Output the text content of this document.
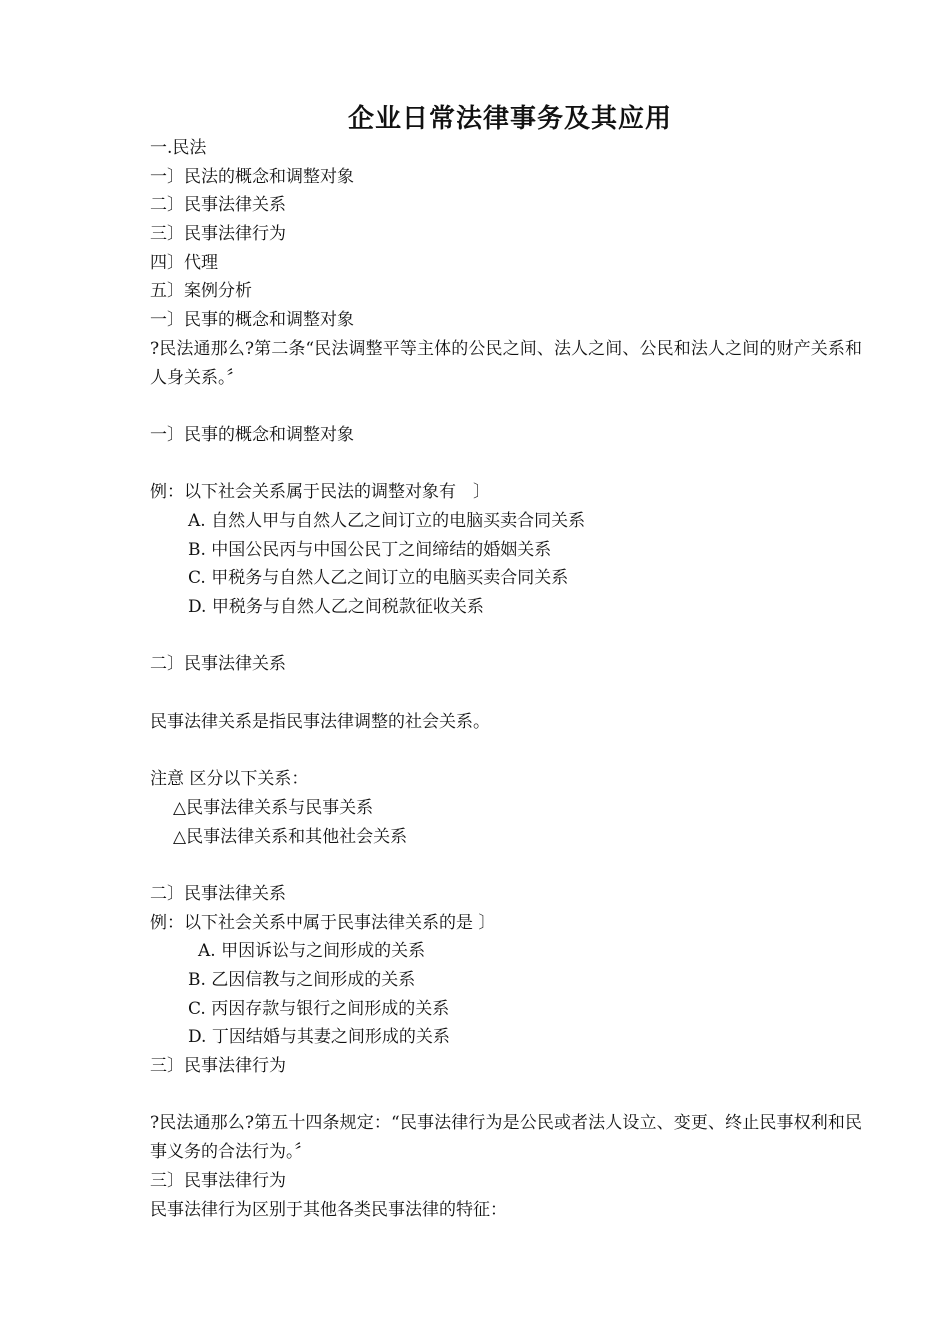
企业日常法律事务及其应用
一.民法
一〕民法的概念和调整对象
二〕民事法律关系
三〕民事法律行为
四〕代理
五〕案例分析
一〕民事的概念和调整对象
?民法通那么?第二条“民法调整平等主体的公民之间、法人之间、公民和法人之间的财产关系和人身关系。〞
一〕民事的概念和调整对象
例：以下社会关系属于民法的调整对象有　〕
A. 自然人甲与自然人乙之间订立的电脑买卖合同关系
B. 中国公民丙与中国公民丁之间缔结的婚姻关系
C. 甲税务与自然人乙之间订立的电脑买卖合同关系
D. 甲税务与自然人乙之间税款征收关系
二〕民事法律关系
民事法律关系是指民事法律调整的社会关系。
注意 区分以下关系：
△民事法律关系与民事关系
△民事法律关系和其他社会关系
二〕民事法律关系
例：以下社会关系中属于民事法律关系的是 〕
A. 甲因诉讼与之间形成的关系
B. 乙因信教与之间形成的关系
C. 丙因存款与银行之间形成的关系
D. 丁因结婚与其妻之间形成的关系
三〕民事法律行为
?民法通那么?第五十四条规定：“民事法律行为是公民或者法人设立、变更、终止民事权利和民事义务的合法行为。〞
三〕民事法律行为
民事法律行为区别于其他各类民事法律的特征：
